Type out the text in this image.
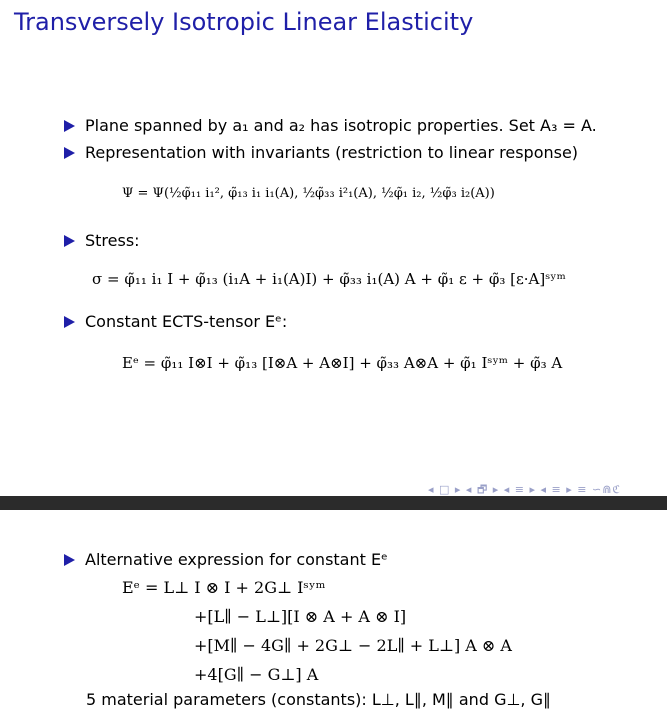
Transversely Isotropic Linear Elasticity
Plane spanned by a₁ and a₂ has isotropic properties. Set A₃ = A.
Representation with invariants (restriction to linear response)
Ψ = Ψ(½φ̃₁₁ i₁², φ̃₁₃ i₁ i₁(A), ½φ̃₃₃ i²₁(A), ½φ̃₁ i₂, ½φ̃₃ i₂(A))
Stress:
σ = φ̃₁₁ i₁ I + φ̃₁₃ (i₁A + i₁(A)I) + φ̃₃₃ i₁(A) A + φ̃₁ ε + φ̃₃ [ε·A]ˢʸᵐ
Constant ECTS-tensor Eᵉ:
Eᵉ = φ̃₁₁ I⊗I + φ̃₁₃ [I⊗A + A⊗I] + φ̃₃₃ A⊗A + φ̃₁ Iˢʸᵐ + φ̃₃ A
◂ □ ▸ ◂ 🗗 ▸ ◂ ≡ ▸ ◂ ≡ ▸ ≡ ∽⋒ℭ
Alternative expression for constant Eᵉ
Eᵉ = L⊥ I ⊗ I + 2G⊥ Iˢʸᵐ
+[L∥ − L⊥][I ⊗ A + A ⊗ I]
+[M∥ − 4G∥ + 2G⊥ − 2L∥ + L⊥] A ⊗ A
+4[G∥ − G⊥] A
5 material parameters (constants): L⊥, L∥, M∥ and G⊥, G∥
